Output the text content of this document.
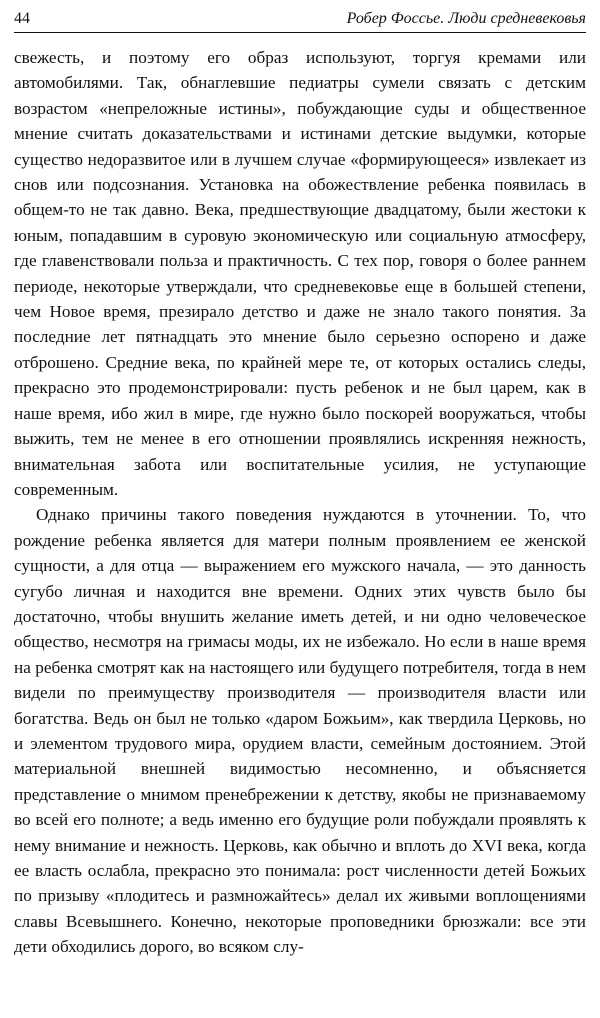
44	Робер Фоссье. Люди средневековья

свежесть, и поэтому его образ используют, торгуя кремами или автомобилями. Так, обнаглевшие педиатры сумели связать с детским возрастом «непреложные истины», побуждающие суды и общественное мнение считать доказательствами и истинами детские выдумки, которые существо недоразвитое или в лучшем случае «формирующееся» извлекает из снов или подсознания. Установка на обожествление ребенка появилась в общем-то не так давно. Века, предшествующие двадцатому, были жестоки к юным, попадавшим в суровую экономическую или социальную атмосферу, где главенствовали польза и практичность. С тех пор, говоря о более раннем периоде, некоторые утверждали, что средневековье еще в большей степени, чем Новое время, презирало детство и даже не знало такого понятия. За последние лет пятнадцать это мнение было серьезно оспорено и даже отброшено. Средние века, по крайней мере те, от которых остались следы, прекрасно это продемонстрировали: пусть ребенок и не был царем, как в наше время, ибо жил в мире, где нужно было поскорей вооружаться, чтобы выжить, тем не менее в его отношении проявлялись искренняя нежность, внимательная забота или воспитательные усилия, не уступающие современным.

Однако причины такого поведения нуждаются в уточнении. То, что рождение ребенка является для матери полным проявлением ее женской сущности, а для отца — выражением его мужского начала, — это данность сугубо личная и находится вне времени. Одних этих чувств было бы достаточно, чтобы внушить желание иметь детей, и ни одно человеческое общество, несмотря на гримасы моды, их не избежало. Но если в наше время на ребенка смотрят как на настоящего или будущего потребителя, тогда в нем видели по преимуществу производителя — производителя власти или богатства. Ведь он был не только «даром Божьим», как твердила Церковь, но и элементом трудового мира, орудием власти, семейным достоянием. Этой материальной внешней видимостью несомненно, и объясняется представление о мнимом пренебрежении к детству, якобы не признаваемому во всей его полноте; а ведь именно его будущие роли побуждали проявлять к нему внимание и нежность. Церковь, как обычно и вплоть до XVI века, когда ее власть ослабла, прекрасно это понимала: рост численности детей Божьих по призыву «плодитесь и размножайтесь» делал их живыми воплощениями славы Всевышнего. Конечно, некоторые проповедники брюзжали: все эти дети обходились дорого, во всяком слу-
